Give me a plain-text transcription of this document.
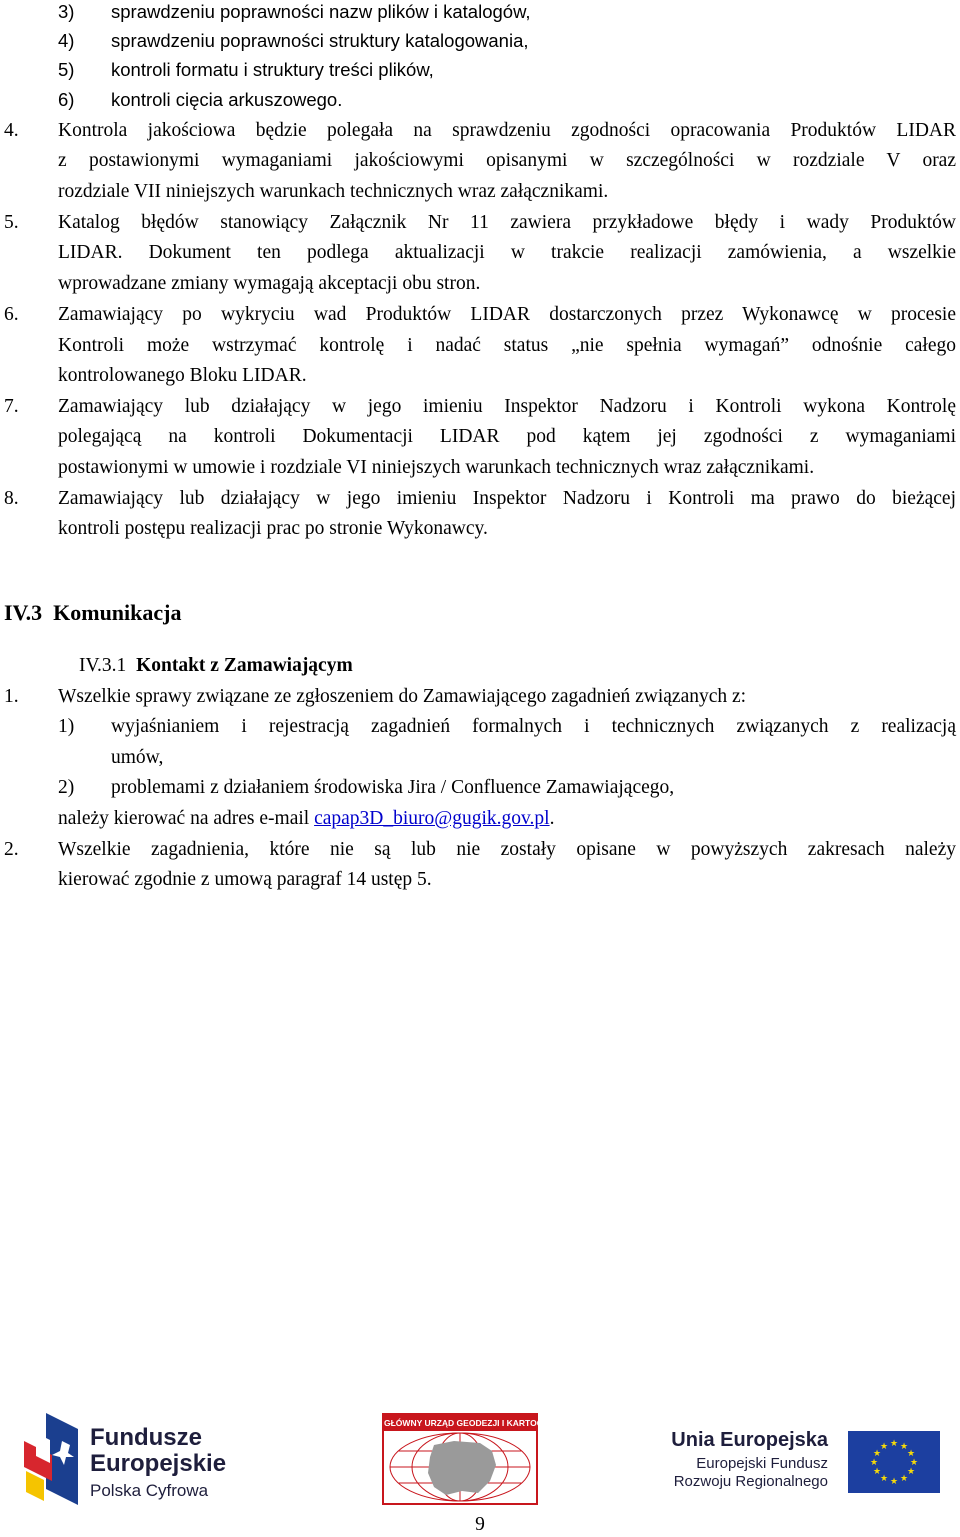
3) sprawdzeniu poprawności nazw plików i katalogów,
4) sprawdzeniu poprawności struktury katalogowania,
5) kontroli formatu i struktury treści plików,
6) kontroli cięcia arkuszowego.
4. Kontrola jakościowa będzie polegała na sprawdzeniu zgodności opracowania Produktów LIDAR
z postawionymi wymaganiami jakościowymi opisanymi w szczególności w rozdziale V oraz
rozdziale VII niniejszych warunkach technicznych wraz załącznikami.
5. Katalog błędów stanowiący Załącznik Nr 11 zawiera przykładowe błędy i wady Produktów
LIDAR. Dokument ten podlega aktualizacji w trakcie realizacji zamówienia, a wszelkie
wprowadzane zmiany wymagają akceptacji obu stron.
6. Zamawiający po wykryciu wad Produktów LIDAR dostarczonych przez Wykonawcę w procesie
Kontroli może wstrzymać kontrolę i nadać status „nie spełnia wymagań” odnośnie całego
kontrolowanego Bloku LIDAR.
7. Zamawiający lub działający w jego imieniu Inspektor Nadzoru i Kontroli wykona Kontrolę
polegającą na kontroli Dokumentacji LIDAR pod kątem jej zgodności z wymaganiami
postawionymi w umowie i rozdziale VI niniejszych warunkach technicznych wraz załącznikami.
8. Zamawiający lub działający w jego imieniu Inspektor Nadzoru i Kontroli ma prawo do bieżącej
kontroli postępu realizacji prac po stronie Wykonawcy.
IV.3 Komunikacja
IV.3.1 Kontakt z Zamawiającym
1. Wszelkie sprawy związane ze zgłoszeniem do Zamawiającego zagadnień związanych z:
1) wyjaśnianiem i rejestracją zagadnień formalnych i technicznych związanych z realizacją
umów,
2) problemami z działaniem środowiska Jira / Confluence Zamawiającego,
należy kierować na adres e-mail capap3D_biuro@gugik.gov.pl.
2. Wszelkie zagadnienia, które nie są lub nie zostały opisane w powyższych zakresach należy
kierować zgodnie z umową paragraf 14 ustęp 5.
Fundusze
Europejskie
Polska Cyfrowa
GŁÓWNY URZĄD GEODEZJI I KARTOGRAFII
Unia Europejska
Europejski Fundusz
Rozwoju Regionalnego
★ ★
★
★
★
★
★
★
★
★
★
★
9
